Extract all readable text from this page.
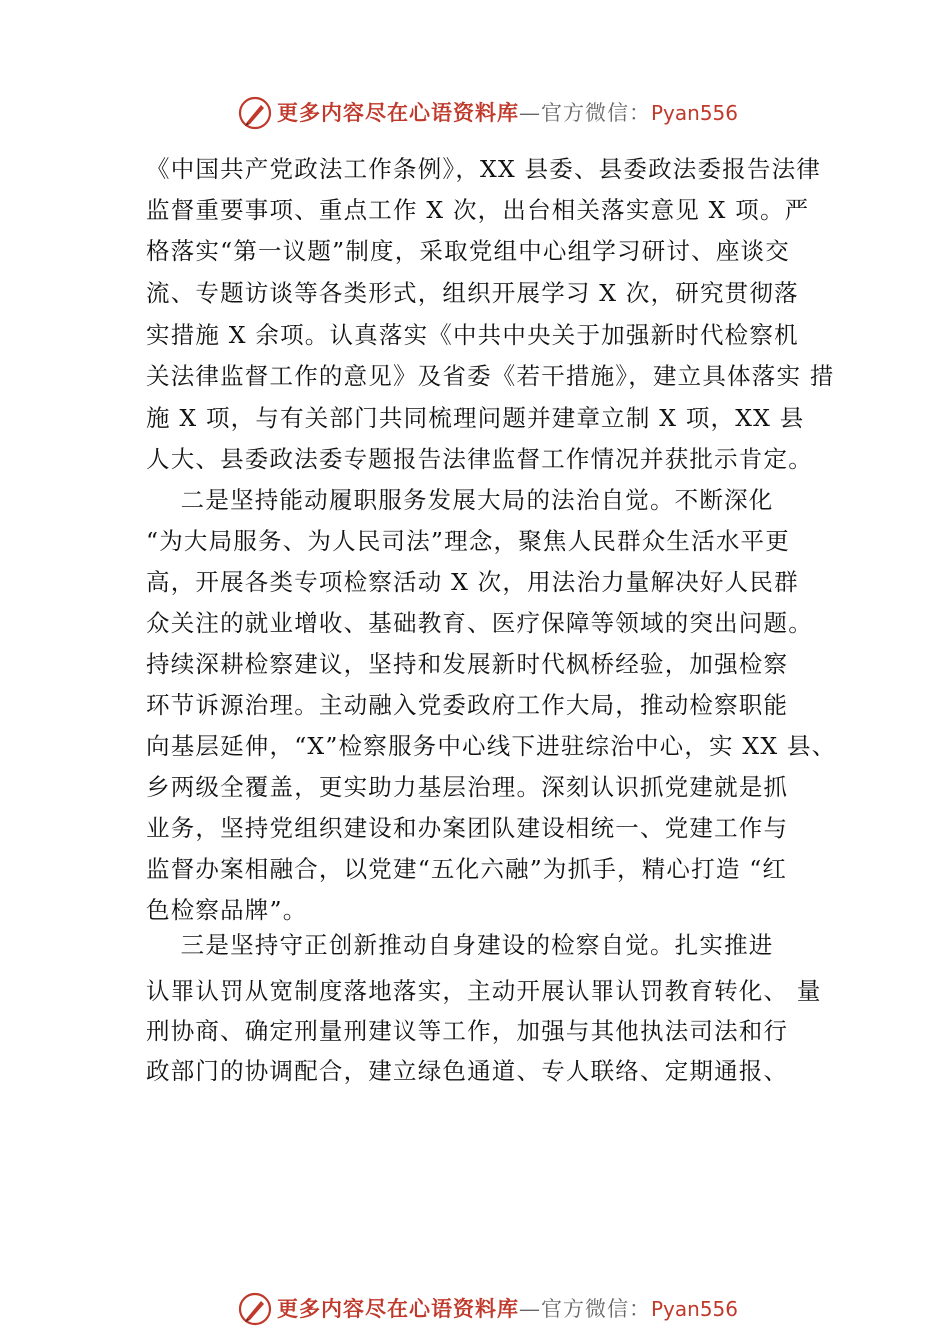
更多内容尽在心语资料库—官方微信：Pyan556
《中国共产党政法工作条例》，XX 县委、县委政法委报告法律
监督重要事项、重点工作 X 次，出台相关落实意见 X 项。严
格落实“第一议题”制度，采取党组中心组学习研讨、座谈交
流、专题访谈等各类形式，组织开展学习 X 次，研究贯彻落
实措施 X 余项。认真落实《中共中央关于加强新时代检察机
关法律监督工作的意见》及省委《若干措施》，建立具体落实 措
施 X 项，与有关部门共同梳理问题并建章立制 X 项，XX 县
人大、县委政法委专题报告法律监督工作情况并获批示肯定。
二是坚持能动履职服务发展大局的法治自觉。不断深化
“为大局服务、为人民司法”理念，聚焦人民群众生活水平更
高，开展各类专项检察活动 X 次，用法治力量解决好人民群
众关注的就业增收、基础教育、医疗保障等领域的突出问题。
持续深耕检察建议，坚持和发展新时代枫桥经验，加强检察
环节诉源治理。主动融入党委政府工作大局，推动检察职能
向基层延伸，“X”检察服务中心线下进驻综治中心，实 XX 县、
乡两级全覆盖，更实助力基层治理。深刻认识抓党建就是抓
业务，坚持党组织建设和办案团队建设相统一、党建工作与
监督办案相融合，以党建“五化六融”为抓手，精心打造 “红
色检察品牌”。
三是坚持守正创新推动自身建设的检察自觉。扎实推进
认罪认罚从宽制度落地落实，主动开展认罪认罚教育转化、 量
刑协商、确定刑量刑建议等工作，加强与其他执法司法和行
政部门的协调配合，建立绿色通道、专人联络、定期通报、
更多内容尽在心语资料库—官方微信：Pyan556
